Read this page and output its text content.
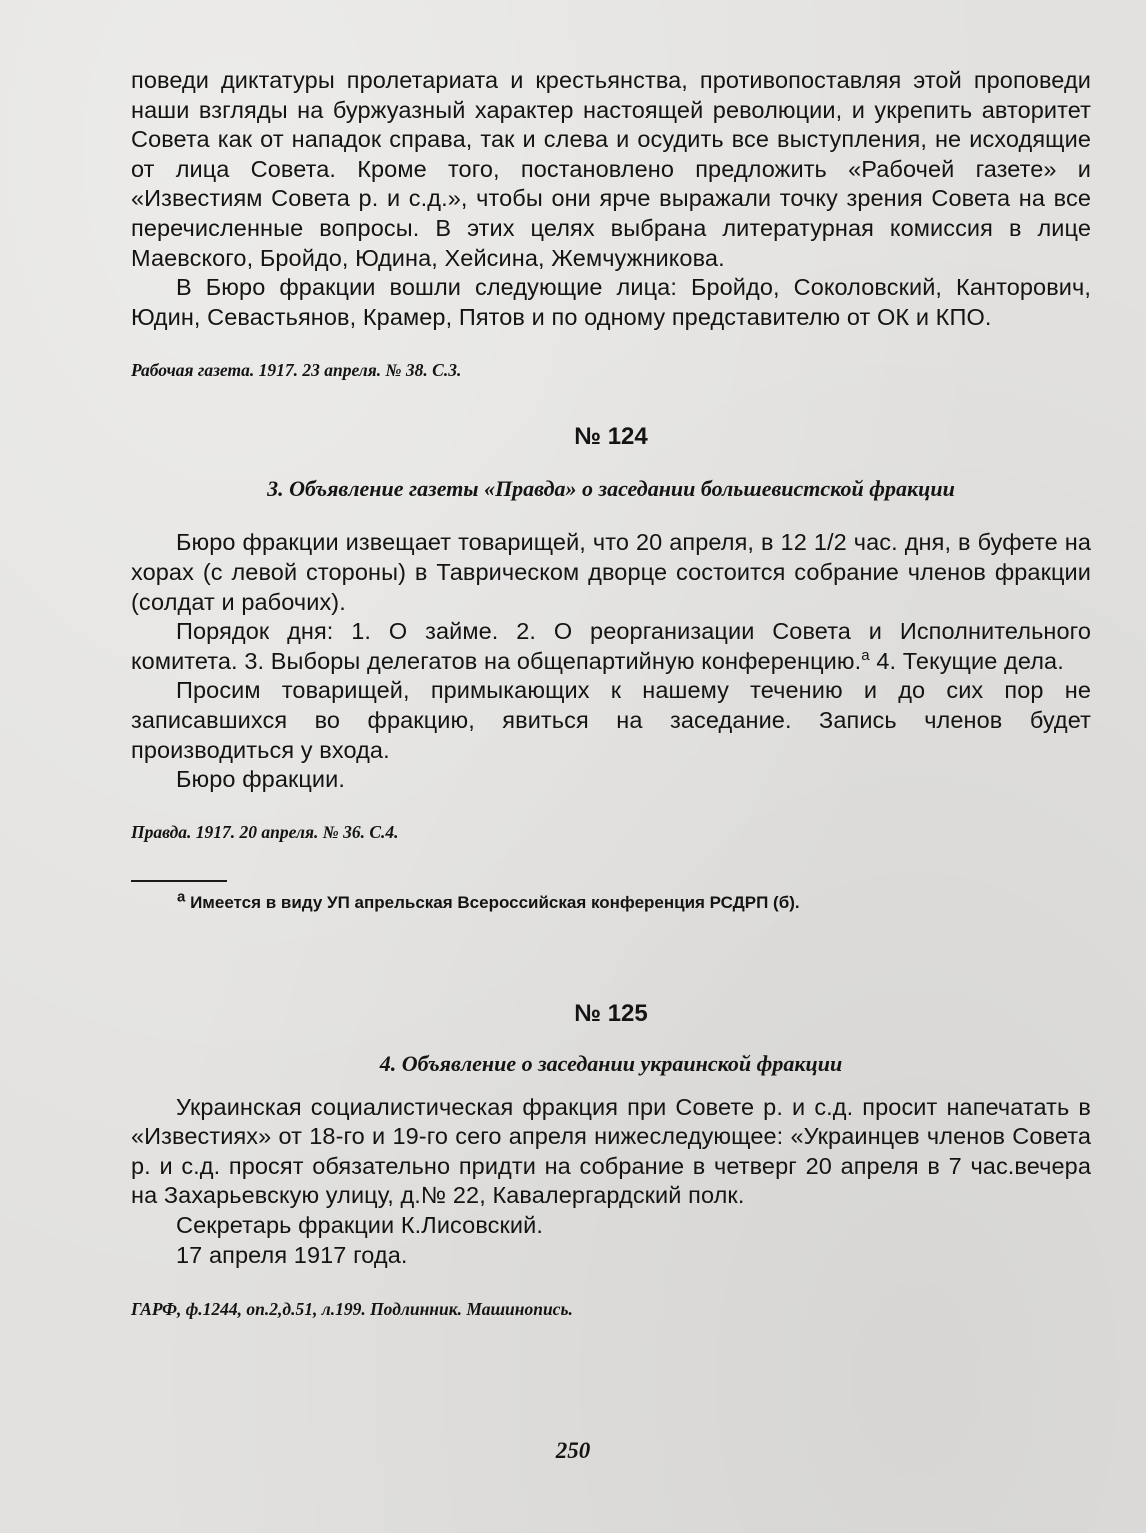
поведи диктатуры пролетариата и крестьянства, противопоставляя этой проповеди наши взгляды на буржуазный характер настоящей революции, и укрепить авторитет Совета как от нападок справа, так и слева и осудить все выступления, не исходящие от лица Совета. Кроме того, постановлено предложить «Рабочей газете» и «Известиям Совета р. и с.д.», чтобы они ярче выражали точку зрения Совета на все перечисленные вопросы. В этих целях выбрана литературная комиссия в лице Маевского, Бройдо, Юдина, Хейсина, Жемчужникова.

В Бюро фракции вошли следующие лица: Бройдо, Соколовский, Канторович, Юдин, Севастьянов, Крамер, Пятов и по одному представителю от ОК и КПО.

Рабочая газета. 1917. 23 апреля. № 38. С.3.

№ 124

3. Объявление газеты «Правда» о заседании большевистской фракции

Бюро фракции извещает товарищей, что 20 апреля, в 12 1/2 час. дня, в буфете на хорах (с левой стороны) в Таврическом дворце состоится собрание членов фракции (солдат и рабочих).

Порядок дня: 1. О займе. 2. О реорганизации Совета и Исполнительного комитета. 3. Выборы делегатов на общепартийную конференцию.$^а$ 4. Текущие дела.

Просим товарищей, примыкающих к нашему течению и до сих пор не записавшихся во фракцию, явиться на заседание. Запись членов будет производиться у входа.

Бюро фракции.

Правда. 1917. 20 апреля. № 36. С.4.

$^а$ Имеется в виду УП апрельская Всероссийская конференция РСДРП (б).

№ 125

4. Объявление о заседании украинской фракции

Украинская социалистическая фракция при Совете р. и с.д. просит напечатать в «Известиях» от 18-го и 19-го сего апреля нижеследующее: «Украинцев членов Совета р. и с.д. просят обязательно придти на собрание в четверг 20 апреля в 7 час.вечера на Захарьевскую улицу, д.№ 22, Кавалергардский полк.

Секретарь фракции К.Лисовский.

17 апреля 1917 года.

ГАРФ, ф.1244, оп.2,д.51, л.199. Подлинник. Машинопись.

250
